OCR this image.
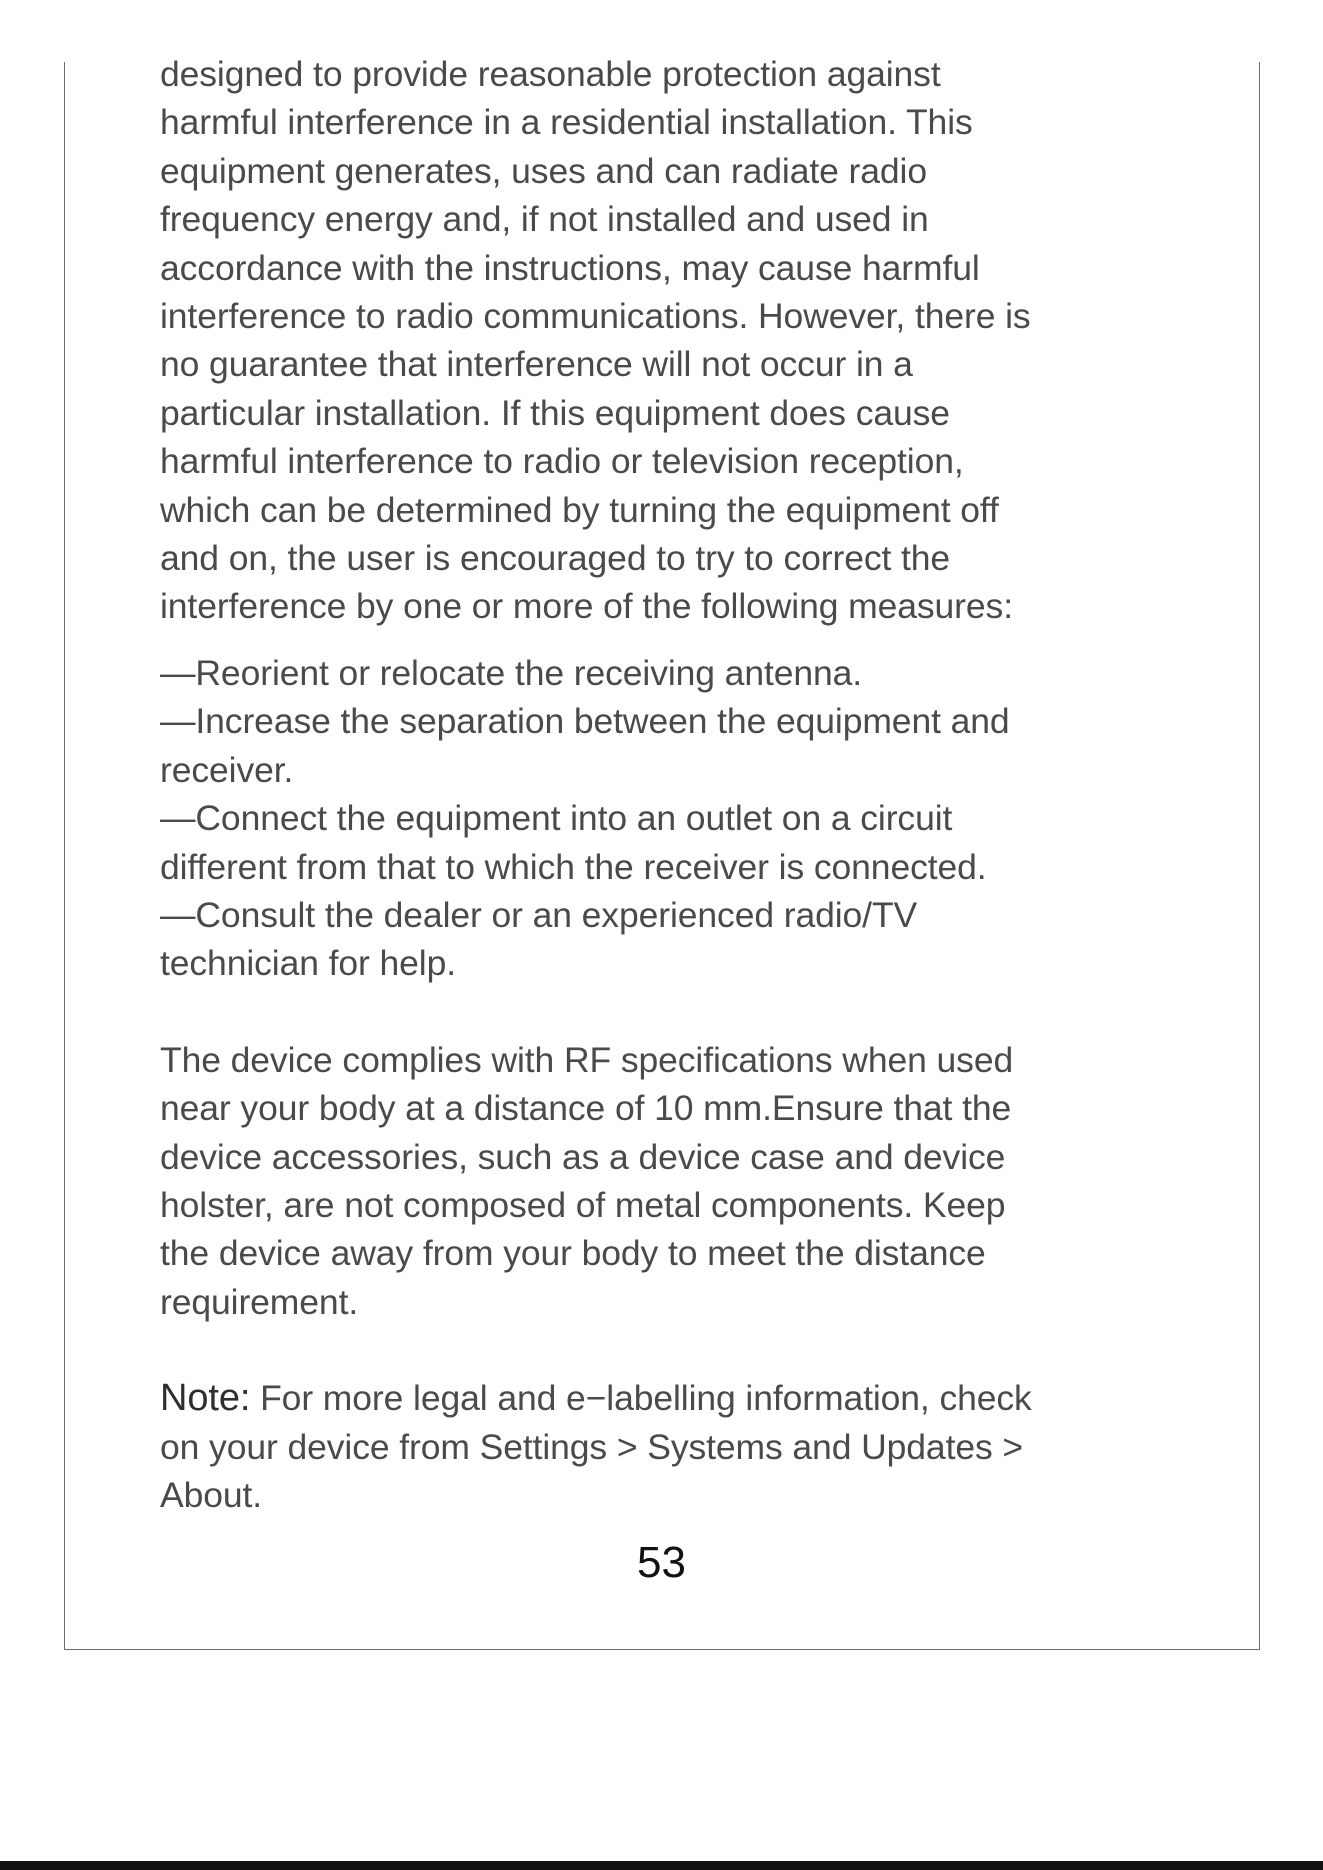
designed to provide reasonable protection against
harmful interference in a residential installation. This
equipment generates, uses and can radiate radio
frequency energy and, if not installed and used in
accordance with the instructions, may cause harmful
interference to radio communications. However, there is
no guarantee that interference will not occur in a
particular installation. If this equipment does cause
harmful interference to radio or television reception,
which can be determined by turning the equipment off
and on, the user is encouraged to try to correct the
interference by one or more of the following measures:

—Reorient or relocate the receiving antenna.
—Increase the separation between the equipment and
receiver.
—Connect the equipment into an outlet on a circuit
different from that to which the receiver is connected.
—Consult the dealer or an experienced radio/TV
technician for help.

The device complies with RF specifications when used
near your body at a distance of 10 mm.Ensure that the
device accessories, such as a device case and device
holster, are not composed of metal components. Keep
the device away from your body to meet the distance
requirement.

Note: For more legal and e−labelling information, check
on your device from Settings > Systems and Updates >
About.

53
